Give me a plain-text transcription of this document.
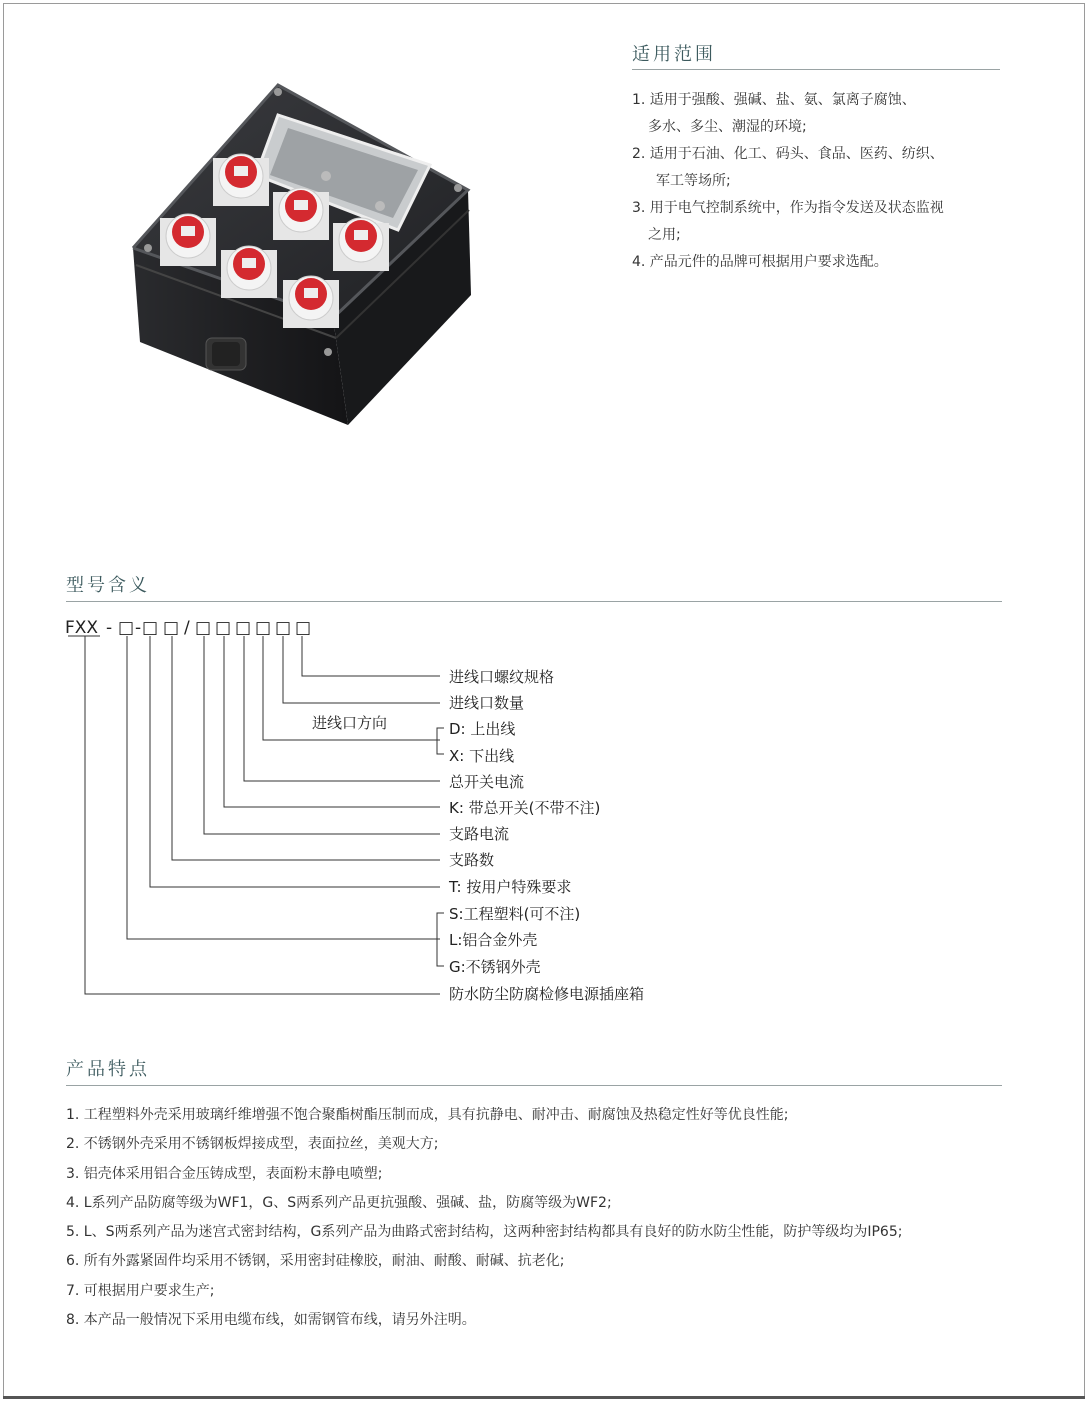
适用范围
1. 适用于强酸、强碱、盐、氨、氯离子腐蚀、
多水、多尘、潮湿的环境;
2. 适用于石油、化工、码头、食品、医药、纺织、
军工等场所;
3. 用于电气控制系统中，作为指令发送及状态监视
之用;
4. 产品元件的品牌可根据用户要求选配。
型号含义
FXX - □ - □ □ / □ □ □ □ □ □
进线口螺纹规格
进线口数量
进线口方向	D: 上出线
X: 下出线
总开关电流
K: 带总开关(不带不注)
支路电流
支路数
T: 按用户特殊要求
S:工程塑料(可不注)
L:铝合金外壳
G:不锈钢外壳
防水防尘防腐检修电源插座箱
产品特点
1. 工程塑料外壳采用玻璃纤维增强不饱合聚酯树酯压制而成，具有抗静电、耐冲击、耐腐蚀及热稳定性好等优良性能;
2. 不锈钢外壳采用不锈钢板焊接成型，表面拉丝，美观大方;
3. 铝壳体采用铝合金压铸成型，表面粉末静电喷塑;
4. L系列产品防腐等级为WF1，G、S两系列产品更抗强酸、强碱、盐，防腐等级为WF2;
5. L、S两系列产品为迷宫式密封结构，G系列产品为曲路式密封结构，这两种密封结构都具有良好的防水防尘性能，防护等级均为IP65;
6. 所有外露紧固件均采用不锈钢，采用密封硅橡胶，耐油、耐酸、耐碱、抗老化;
7. 可根据用户要求生产;
8. 本产品一般情况下采用电缆布线，如需钢管布线，请另外注明。
